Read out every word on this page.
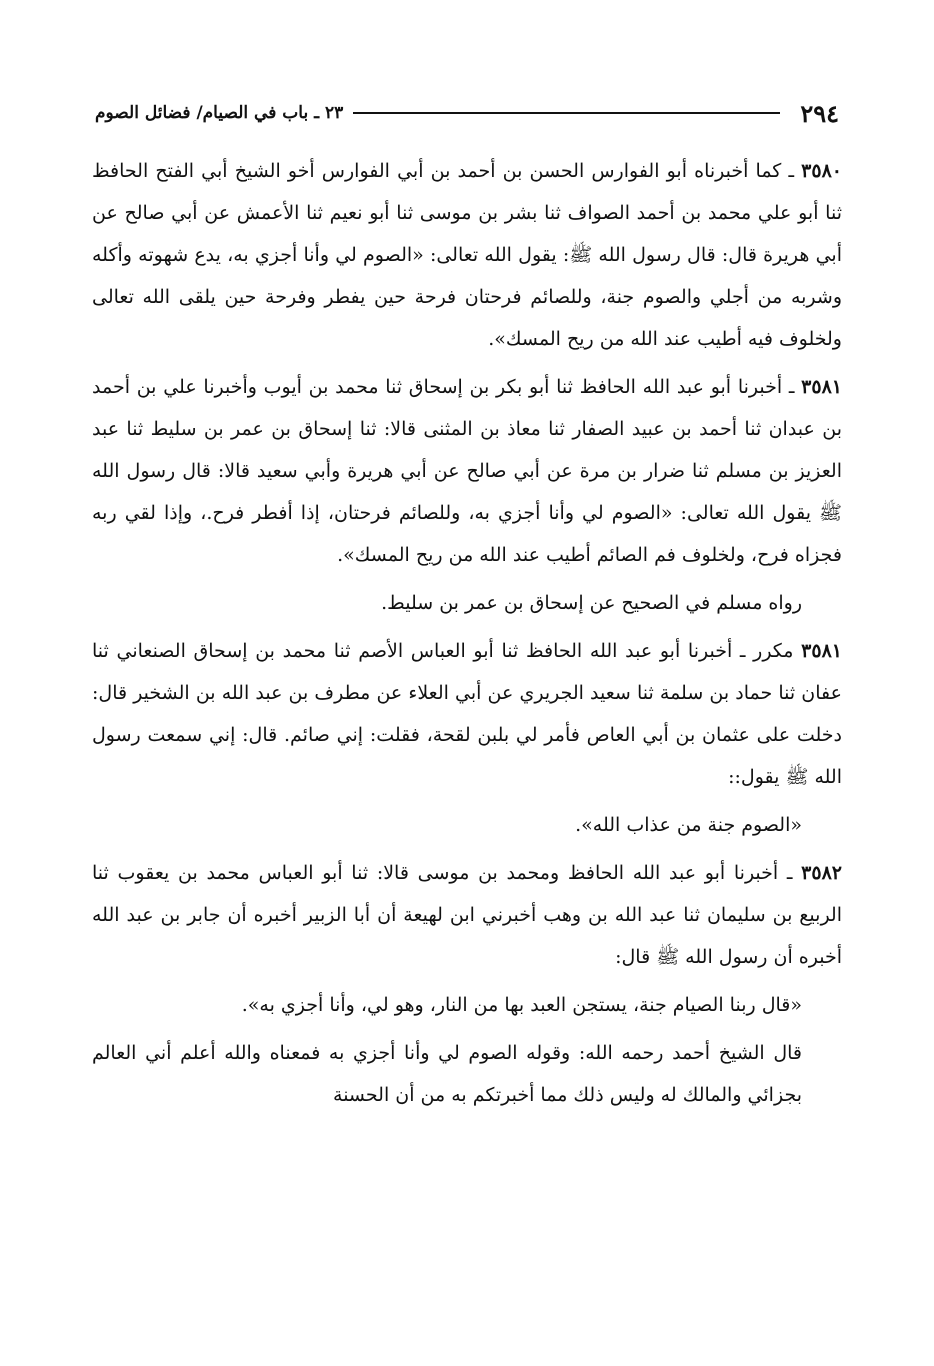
٢٩٤
٢٣ ـ باب في الصيام/ فضائل الصوم

٣٥٨٠ ـ كما أخبرناه أبو الفوارس الحسن بن أحمد بن أبي الفوارس أخو الشيخ أبي الفتح الحافظ ثنا أبو علي محمد بن أحمد الصواف ثنا بشر بن موسى ثنا أبو نعيم ثنا الأعمش عن أبي صالح عن أبي هريرة قال: قال رسول الله ﷺ: يقول الله تعالى: «الصوم لي وأنا أجزي به، يدع شهوته وأكله وشربه من أجلي والصوم جنة، وللصائم فرحتان فرحة حين يفطر وفرحة حين يلقى الله تعالى ولخلوف فيه أطيب عند الله من ريح المسك».

٣٥٨١ ـ أخبرنا أبو عبد الله الحافظ ثنا أبو بكر بن إسحاق ثنا محمد بن أيوب وأخبرنا علي بن أحمد بن عبدان ثنا أحمد بن عبيد الصفار ثنا معاذ بن المثنى قالا: ثنا إسحاق بن عمر بن سليط ثنا عبد العزيز بن مسلم ثنا ضرار بن مرة عن أبي صالح عن أبي هريرة وأبي سعيد قالا: قال رسول الله ﷺ يقول الله تعالى: «الصوم لي وأنا أجزي به، وللصائم فرحتان، إذا أفطر فرح.، وإذا لقي ربه فجزاه فرح، ولخلوف فم الصائم أطيب عند الله من ريح المسك».

رواه مسلم في الصحيح عن إسحاق بن عمر بن سليط.

٣٥٨١ مكرر ـ أخبرنا أبو عبد الله الحافظ ثنا أبو العباس الأصم ثنا محمد بن إسحاق الصنعاني ثنا عفان ثنا حماد بن سلمة ثنا سعيد الجريري عن أبي العلاء عن مطرف بن عبد الله بن الشخير قال: دخلت على عثمان بن أبي العاص فأمر لي بلبن لقحة، فقلت: إني صائم. قال: إني سمعت رسول الله ﷺ يقول::

«الصوم جنة من عذاب الله».

٣٥٨٢ ـ أخبرنا أبو عبد الله الحافظ ومحمد بن موسى قالا: ثنا أبو العباس محمد بن يعقوب ثنا الربيع بن سليمان ثنا عبد الله بن وهب أخبرني ابن لهيعة أن أبا الزبير أخبره أن جابر بن عبد الله أخبره أن رسول الله ﷺ قال:

«قال ربنا الصيام جنة، يستجن العبد بها من النار، وهو لي، وأنا أجزي به».

قال الشيخ أحمد رحمه الله: وقوله الصوم لي وأنا أجزي به فمعناه والله أعلم أني العالم بجزائي والمالك له وليس ذلك مما أخبرتكم به من أن الحسنة
